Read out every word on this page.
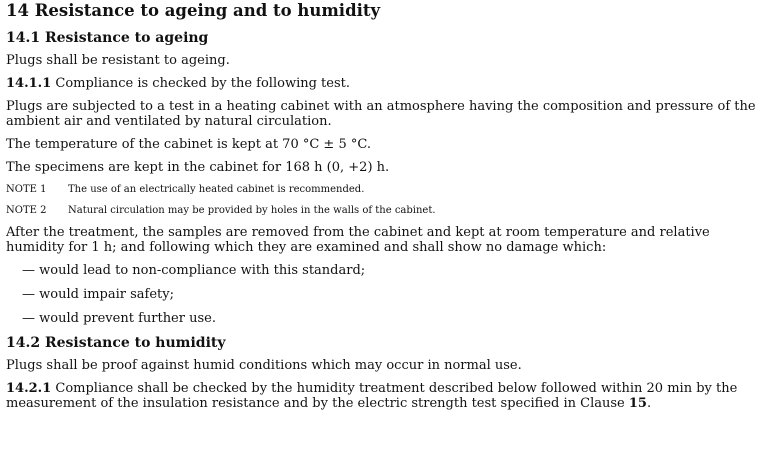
14 Resistance to ageing and to humidity
14.1 Resistance to ageing
Plugs shall be resistant to ageing.
14.1.1 Compliance is checked by the following test.
Plugs are subjected to a test in a heating cabinet with an atmosphere having the composition and pressure of the ambient air and ventilated by natural circulation.
The temperature of the cabinet is kept at 70 °C ± 5 °C.
The specimens are kept in the cabinet for 168 h (0, +2) h.
NOTE 1 The use of an electrically heated cabinet is recommended.
NOTE 2 Natural circulation may be provided by holes in the walls of the cabinet.
After the treatment, the samples are removed from the cabinet and kept at room temperature and relative humidity for 1 h; and following which they are examined and shall show no damage which:
— would lead to non-compliance with this standard;
— would impair safety;
— would prevent further use.
14.2 Resistance to humidity
Plugs shall be proof against humid conditions which may occur in normal use.
14.2.1 Compliance shall be checked by the humidity treatment described below followed within 20 min by the measurement of the insulation resistance and by the electric strength test specified in Clause 15.
